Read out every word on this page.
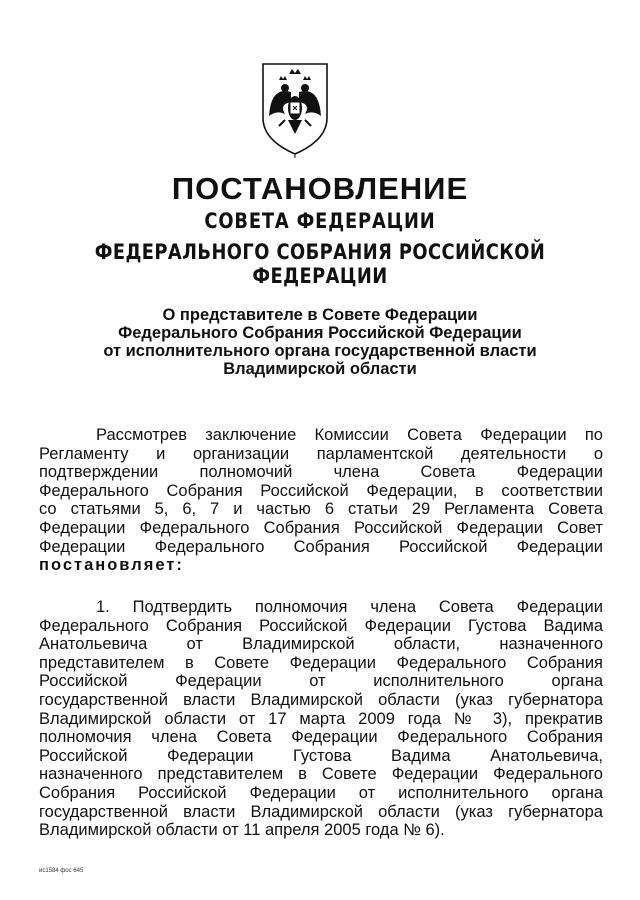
ПОСТАНОВЛЕНИЕ
СОВЕТА ФЕДЕРАЦИИ
ФЕДЕРАЛЬНОГО СОБРАНИЯ РОССИЙСКОЙ ФЕДЕРАЦИИ
О представителе в Совете Федерации
Федерального Собрания Российской Федерации
от исполнительного органа государственной власти
Владимирской области
Рассмотрев заключение Комиссии Совета Федерации по
Регламенту и организации парламентской деятельности о
подтверждении полномочий члена Совета Федерации
Федерального Собрания Российской Федерации, в соответствии
со статьями 5, 6, 7 и частью 6 статьи 29 Регламента Совета
Федерации Федерального Собрания Российской Федерации Совет
Федерации Федерального Собрания Российской Федерации
постановляет:
1. Подтвердить полномочия члена Совета Федерации
Федерального Собрания Российской Федерации Густова Вадима
Анатольевича от Владимирской области, назначенного
представителем в Совете Федерации Федерального Собрания
Российской Федерации от исполнительного органа
государственной власти Владимирской области (указ губернатора
Владимирской области от 17 марта 2009 года № 3), прекратив
полномочия члена Совета Федерации Федерального Собрания
Российской Федерации Густова Вадима Анатольевича,
назначенного представителем в Совете Федерации Федерального
Собрания Российской Федерации от исполнительного органа
государственной власти Владимирской области (указ губернатора
Владимирской области от 11 апреля 2005 года № 6).
ис1584 фос 645
